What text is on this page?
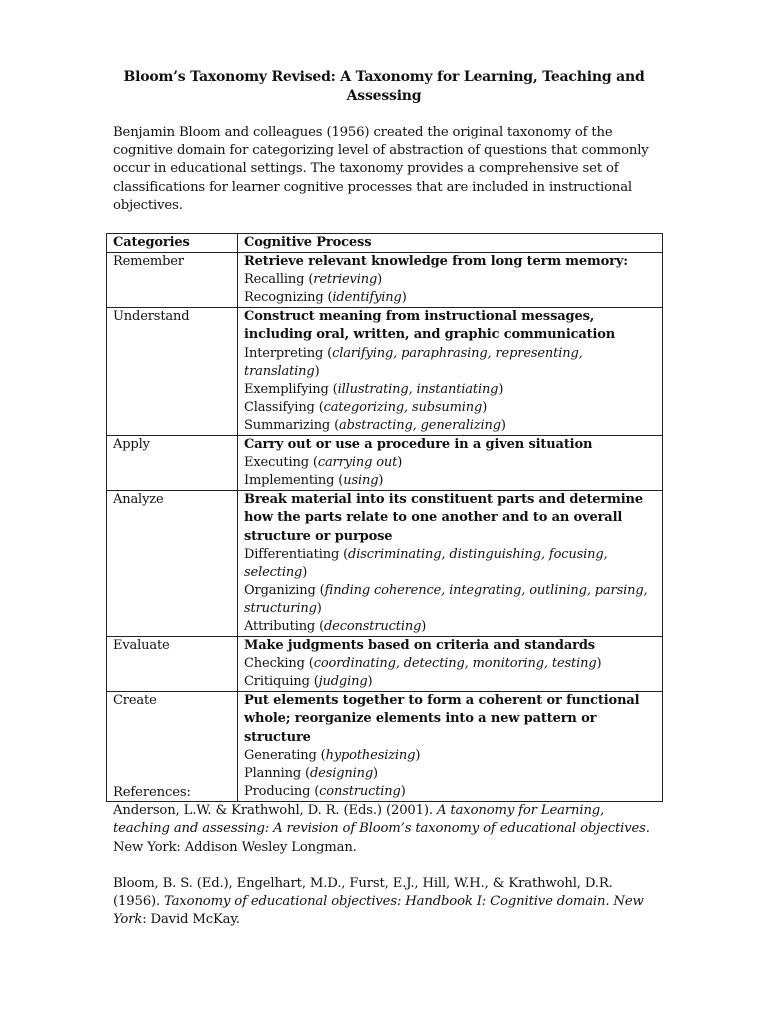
Bloom’s Taxonomy Revised: A Taxonomy for Learning, Teaching and Assessing
Benjamin Bloom and colleagues (1956) created the original taxonomy of the cognitive domain for categorizing level of abstraction of questions that commonly occur in educational settings. The taxonomy provides a comprehensive set of classifications for learner cognitive processes that are included in instructional objectives.
Categories	Cognitive Process
Remember	Retrieve relevant knowledge from long term memory:
Recalling (retrieving)
Recognizing (identifying)

Understand	Construct meaning from instructional messages, including oral, written, and graphic communication
Interpreting (clarifying, paraphrasing, representing, translating)
Exemplifying (illustrating, instantiating)
Classifying (categorizing, subsuming)
Summarizing (abstracting, generalizing)

Apply	Carry out or use a procedure in a given situation
Executing (carrying out)
Implementing (using)

Analyze	Break material into its constituent parts and determine how the parts relate to one another and to an overall structure or purpose
Differentiating (discriminating, distinguishing, focusing, selecting)
Organizing (finding coherence, integrating, outlining, parsing, structuring)
Attributing (deconstructing)

Evaluate	Make judgments based on criteria and standards
Checking (coordinating, detecting, monitoring, testing)
Critiquing (judging)

Create	Put elements together to form a coherent or functional whole; reorganize elements into a new pattern or structure
Generating (hypothesizing)
Planning (designing)
Producing (constructing)

References:

Anderson, L.W. & Krathwohl, D. R. (Eds.) (2001). A taxonomy for Learning, teaching and assessing: A revision of Bloom’s taxonomy of educational objectives. New York: Addison Wesley Longman.

Bloom, B. S. (Ed.), Engelhart, M.D., Furst, E.J., Hill, W.H., & Krathwohl, D.R. (1956). Taxonomy of educational objectives: Handbook I: Cognitive domain. New York: David McKay.
